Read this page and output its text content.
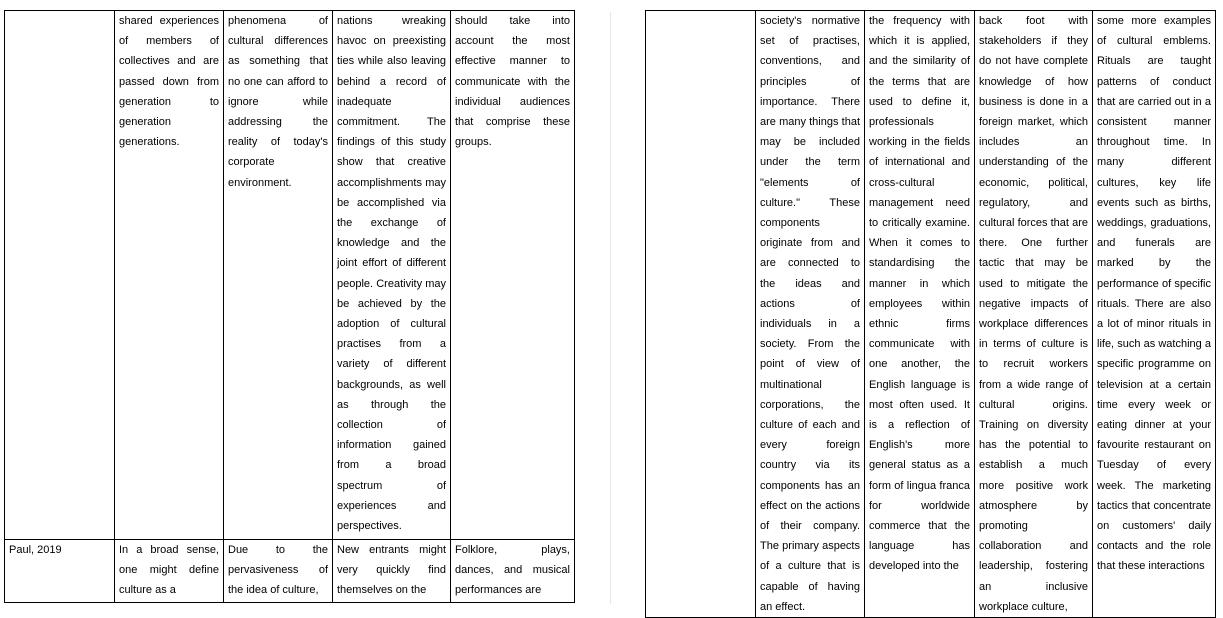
	shared experiences of members of collectives and are passed down from generation to generation generations.	phenomena of cultural differences as something that no one can afford to ignore while addressing the reality of today's corporate environment.	nations wreaking havoc on preexisting ties while also leaving behind a record of inadequate commitment. The findings of this study show that creative accomplishments may be accomplished via the exchange of knowledge and the joint effort of different people. Creativity may be achieved by the adoption of cultural practises from a variety of different backgrounds, as well as through the collection of information gained from a broad spectrum of experiences and perspectives.	should take into account the most effective manner to communicate with the individual audiences that comprise these groups.
Paul, 2019	In a broad sense, one might define culture as a	Due to the pervasiveness of the idea of culture,	New entrants might very quickly find themselves on the	Folklore, plays, dances, and musical performances are
	society's normative set of practises, conventions, and principles of importance. There are many things that may be included under the term "elements of culture." These components originate from and are connected to the ideas and actions of individuals in a society. From the point of view of multinational corporations, the culture of each and every foreign country via its components has an effect on the actions of their company. The primary aspects of a culture that is capable of having an effect.	the frequency with which it is applied, and the similarity of the terms that are used to define it, professionals working in the fields of international and cross-cultural management need to critically examine. When it comes to standardising the manner in which employees within ethnic firms communicate with one another, the English language is most often used. It is a reflection of English's more general status as a form of lingua franca for worldwide commerce that the language has developed into the	back foot with stakeholders if they do not have complete knowledge of how business is done in a foreign market, which includes an understanding of the economic, political, regulatory, and cultural forces that are there. One further tactic that may be used to mitigate the negative impacts of workplace differences in terms of culture is to recruit workers from a wide range of cultural origins. Training on diversity has the potential to establish a much more positive work atmosphere by promoting collaboration and leadership, fostering an inclusive workplace culture,	some more examples of cultural emblems. Rituals are taught patterns of conduct that are carried out in a consistent manner throughout time. In many different cultures, key life events such as births, weddings, graduations, and funerals are marked by the performance of specific rituals. There are also a lot of minor rituals in life, such as watching a specific programme on television at a certain time every week or eating dinner at your favourite restaurant on Tuesday of every week. The marketing tactics that concentrate on customers' daily contacts and the role that these interactions
